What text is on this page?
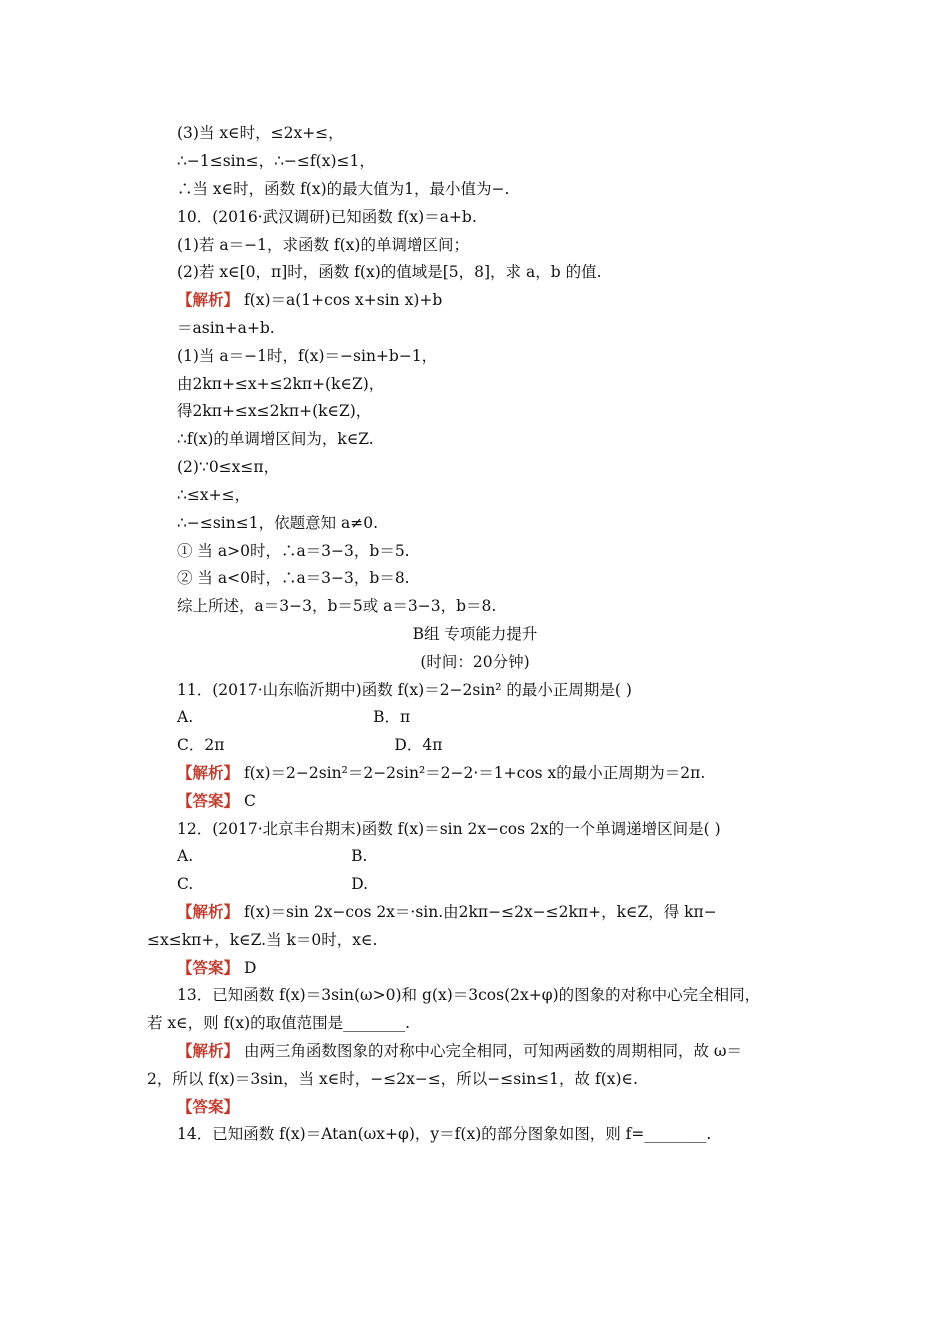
(3)当 x∈时，≤2x+≤，
∴−1≤sin≤，∴−≤f(x)≤1，
∴当 x∈时，函数 f(x)的最大值为1，最小值为−.
10．(2016·武汉调研)已知函数 f(x)＝a+b.
(1)若 a＝−1，求函数 f(x)的单调增区间；
(2)若 x∈[0，π]时，函数 f(x)的值域是[5，8]，求 a，b 的值.
【解析】 f(x)＝a(1+cos x+sin x)+b
＝asin+a+b.
(1)当 a＝−1时，f(x)＝−sin+b−1，
由2kπ+≤x+≤2kπ+(k∈Z)，
得2kπ+≤x≤2kπ+(k∈Z)，
∴f(x)的单调增区间为，k∈Z.
(2)∵0≤x≤π，
∴≤x+≤，
∴−≤sin≤1，依题意知 a≠0.
① 当 a>0时，∴a＝3−3，b＝5.
② 当 a<0时，∴a＝3−3，b＝8.
综上所述，a＝3−3，b＝5或 a＝3−3，b＝8.
B组 专项能力提升
(时间：20分钟)
11．(2017·山东临沂期中)函数 f(x)＝2−2sin² 的最小正周期是( )
A.	B．π
C．2π	D．4π
【解析】 f(x)＝2−2sin²＝2−2sin²＝2−2·＝1+cos x的最小正周期为＝2π.
【答案】 C
12．(2017·北京丰台期末)函数 f(x)＝sin 2x−cos 2x的一个单调递增区间是( )
A.	B.
C.	D.
【解析】 f(x)＝sin 2x−cos 2x＝·sin.由2kπ−≤2x−≤2kπ+，k∈Z，得 kπ−
≤x≤kπ+，k∈Z.当 k＝0时，x∈.
【答案】 D
13．已知函数 f(x)＝3sin(ω>0)和 g(x)＝3cos(2x+φ)的图象的对称中心完全相同，
若 x∈，则 f(x)的取值范围是________.
【解析】 由两三角函数图象的对称中心完全相同，可知两函数的周期相同，故 ω＝
2，所以 f(x)＝3sin，当 x∈时，−≤2x−≤，所以−≤sin≤1，故 f(x)∈.
【答案】
14．已知函数 f(x)＝Atan(ωx+φ)，y＝f(x)的部分图象如图，则 f=________.
